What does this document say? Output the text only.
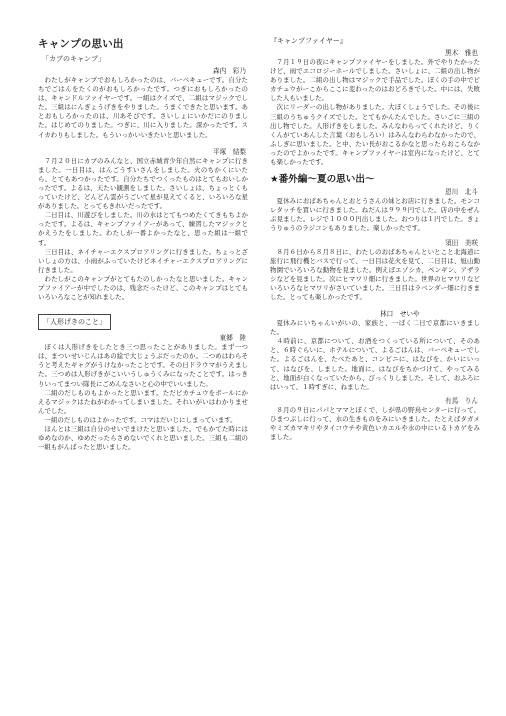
キャンプの思い出
「カブのキャンプ」
森内　彩乃

わたしがキャンプでおもしろかったのは、バーベキューです。自分たちでごはんをたくのがおもしろかったです。つぎにおもしろかったのは、キャンドルファイヤーです。一組はクイズで、二組はマジックでした。三組はにんぎょうげきをやりました。うまくできたと思います。あとおもしろかったのは、川あそびです。さいしょにいかだにのりました。はじめてのりました。つぎに、川に入りました。深かったです。スイカわりもしました。もういっかいいきたいと思いました。

平塚　結梨

７月２０日にカブのみんなと、国立赤城青少年自然にキャンプに行きました。一日目は、はんごうすいさんをしました。火のちかくにいたら、とてもあつかったです。自分たちでつくったものはとてもおいしかったです。よるは、天たい観測をしました。さいしょは、ちょっとくもっていたけど、どんどん雲がうごいて星が見えてくると、いろいろな星がありました。とってもきれいだったです。

二日目は、川遊びをしました。川の水はとてもつめたくてきもちよかったです。よるは、キャンプファイアーがあって、練習したマジックとかえうたをしました。わたしが一番よかったなと、思った組は一組です。

三日目は、ネイチャーエクスプロアリングに行きました。ちょっとざいしょの方は、小雨がふっていたけどネイチャーエクスプロアリングに行きました。

わたしがこのキャンプがとてもたのしかったなと思いました。キャンプファイアーが中でしたのは、残念だったけど、このキャンプはとてもいろいろなことが知れました。

「人形げきのこと」
東郷　陸

ぼくは人形げきをしたとき三つ思ったことがありました。まず一つは、まついせいじんはあの絵で大じょうぶだったのか。二つめはわらそうと考えたギャグがうけなかったことです。その日ドラウマがうえました。三つめは人形げきがこいいうしゅうくみになったことです。はっきりいってまつい隊長にごめんなさいと心の中でいいました。

二組のだしものもよかったと思います。ただピカチュウをボールにかえるマジックはたねがわかってしまいました。それいがいはわかりませんでした。

一組のだしものはよかったです。コマはだいじにしまっています。

ほんとは三組は自分のせいでまけたと思いました。でもかてた時にはゆめなのか、ゆめだったらさめないでくれと思いました。三組も二組の一組もがんばったと思いました。

『キャンプファイヤー』
黒木　雅也

７月１９日の夜にキャンプファイヤーをしました。外でやりたかったけど、雨でエコロジーホールでしました。さいしょに、二組の出し物がありました。二組の出し物はマジックで手品でした。ぼくの手の中でピカチュウがーこからここに変わったのはおどろきでした。中には、失敗した人もいました。

次にリーダーの出し物がありました。大ぼくしょうでした。その後に三組のうちゅうクイズでした。とてもかんたんでした。さいごに三組の出し物でした。人形げきをしました。みんなわらってくれたけど、りくくんがていあんした言葉（おもしろい）はみんなわらわなかったので、ふしぎに思いました。と中、たい長がおこるかなと思ったらおこらなかったのでよかったです。キャンプファイヤーは室内になったけど、とても楽しかったです。

★番外編～夏の思い出～
恩川　北斗

夏休みにおばあちゃんとおとうさんの妹とお店に行きました。モンコレタッチを買いに行きました。ねだんは９９９円でした。店の中をぜんぶ見ました。レジで１０００円出しました。おつりは１円でした。きょうりゅうのラジコンもありました。楽しかったです。

須田　美咲

８月６日から８月８日に、わたしのおばあちゃんといとこと北海道に旅行に飛行機とバスで行って、一日目は花火を見て、二日目は、旭山動物園でいろいろな動物を見ました。例えばエゾシカ、ペンギン、アザラシなどを見ました。次にヒマワリ畑に行きました。世界のヒマワリなどいろいろなヒマワリがさいていました。三日目はラベンダー畑に行きました。とっても楽しかったです。

林口　せいや

夏休みにいちゃんいがいの、家族と、一ぱく二日で京都にいきました。

４時前に、京都について、お酒をつくっている所について、そのあと、６時ぐらいに、ホテルについて、よるごはんは、バーベキューでした。よるごはんを、たべたあと、コンビニに、はなびを、かいにいって、はなびを、しました。地面に、はなびをちかづけて、やってみると、地面が白くなっていたから、びっくりしました。そして、おふろにはいって、１時すぎに、ねました。

有馬　りん

８月の９日にパパとママとぼくで、しが県の野鳥センターに行って、ひまつぶしに行って、水の生きものをみにいきました。たとえばタガメやミズカマキリやタイコウチや黄色いカエルや水の中にいるトカゲをみました。
